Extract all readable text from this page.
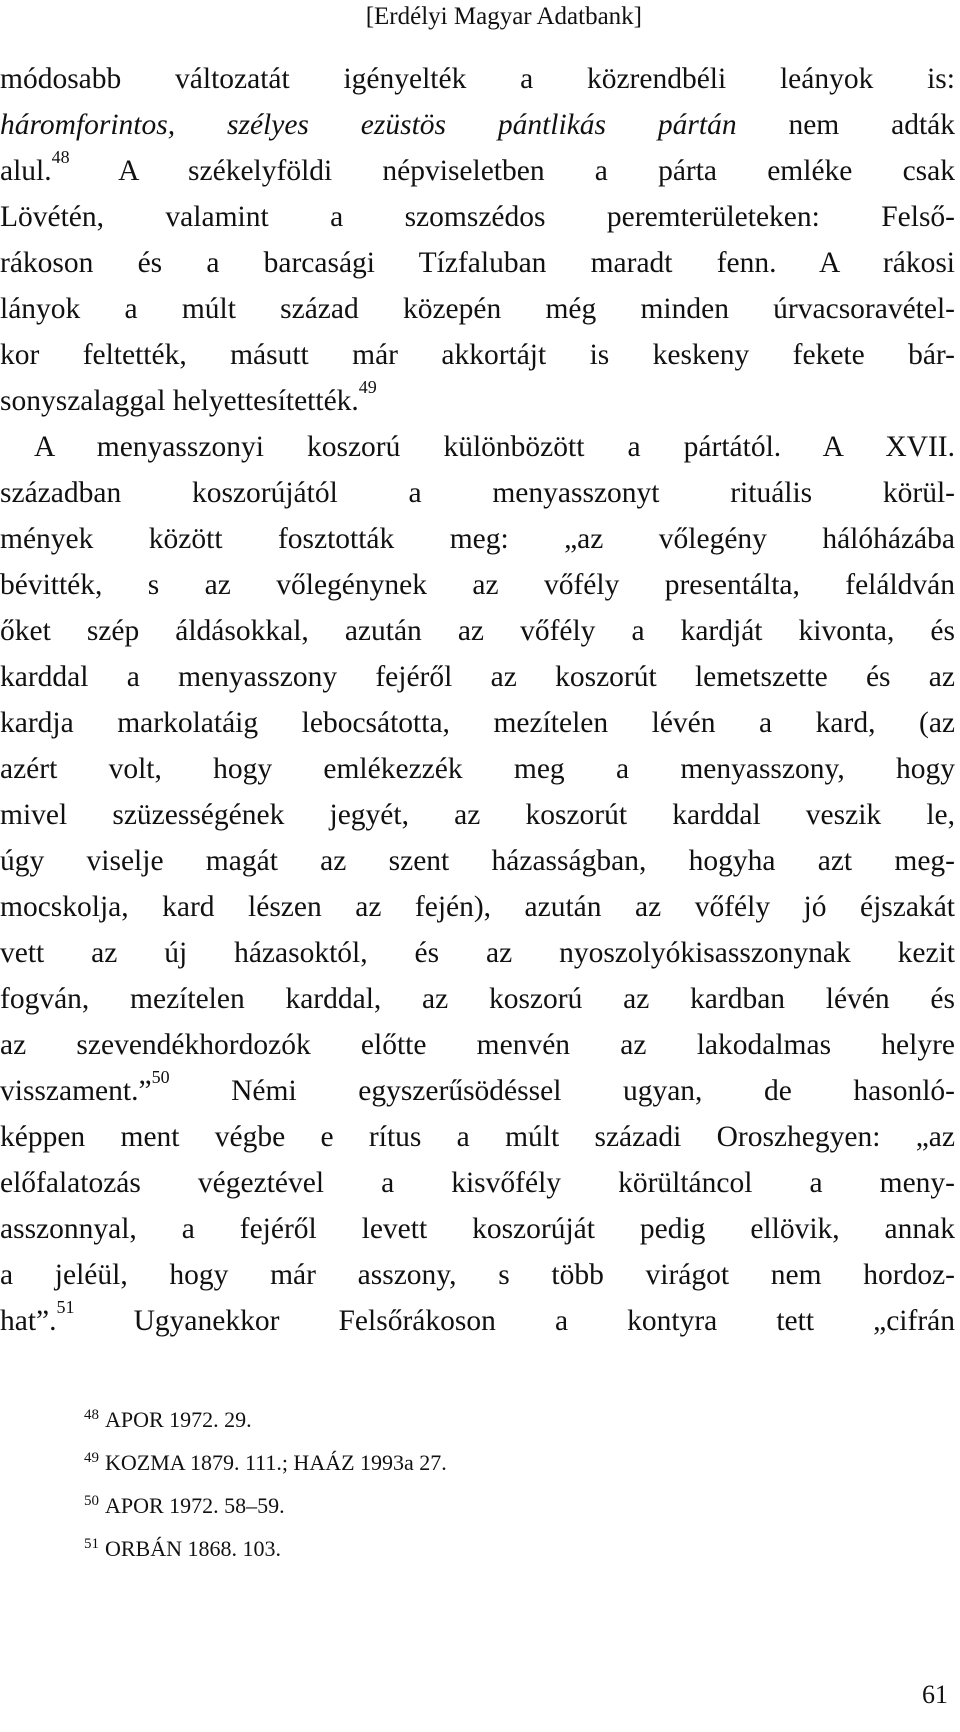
[Erdélyi Magyar Adatbank]
módosabb változatát igényelték a közrendbéli leányok is:
háromforintos, szélyes ezüstös pántlikás pártán nem adták
alul.$^{48}$ A székelyföldi népviseletben a párta emléke csak
Lövétén, valamint a szomszédos peremterületeken: Felső-
rákoson és a barcasági Tízfaluban maradt fenn. A rákosi
lányok a múlt század közepén még minden úrvacsoravétel-
kor feltették, másutt már akkortájt is keskeny fekete bár-
sonyszalaggal helyettesítették.$^{49}$
A menyasszonyi koszorú különbözött a pártától. A XVII.
században koszorújától a menyasszonyt rituális körül-
mények között fosztották meg: „az vőlegény hálóházába
bévitték, s az vőlegénynek az vőfély presentálta, feláldván
őket szép áldásokkal, azután az vőfély a kardját kivonta, és
karddal a menyasszony fejéről az koszorút lemetszette és az
kardja markolatáig lebocsátotta, mezítelen lévén a kard, (az
azért volt, hogy emlékezzék meg a menyasszony, hogy
mivel szüzességének jegyét, az koszorút karddal veszik le,
úgy viselje magát az szent házasságban, hogyha azt meg-
mocskolja, kard lészen az fején), azután az vőfély jó éjszakát
vett az új házasoktól, és az nyoszolyókisasszonynak kezit
fogván, mezítelen karddal, az koszorú az kardban lévén és
az szevendékhordozók előtte menvén az lakodalmas helyre
visszament.”$^{50}$ Némi egyszerűsödéssel ugyan, de hasonló-
képpen ment végbe e rítus a múlt századi Oroszhegyen: „az
előfalatozás végeztével a kisvőfély körültáncol a meny-
asszonnyal, a fejéről levett koszorúját pedig ellövik, annak
a jeléül, hogy már asszony, s több virágot nem hordoz-
hat”.$^{51}$ Ugyanekkor Felsőrákoson a kontyra tett „cifrán
$^{48}$ APOR 1972. 29.
$^{49}$ KOZMA 1879. 111.; HAÁZ 1993a 27.
$^{50}$ APOR 1972. 58–59.
$^{51}$ ORBÁN 1868. 103.
61
